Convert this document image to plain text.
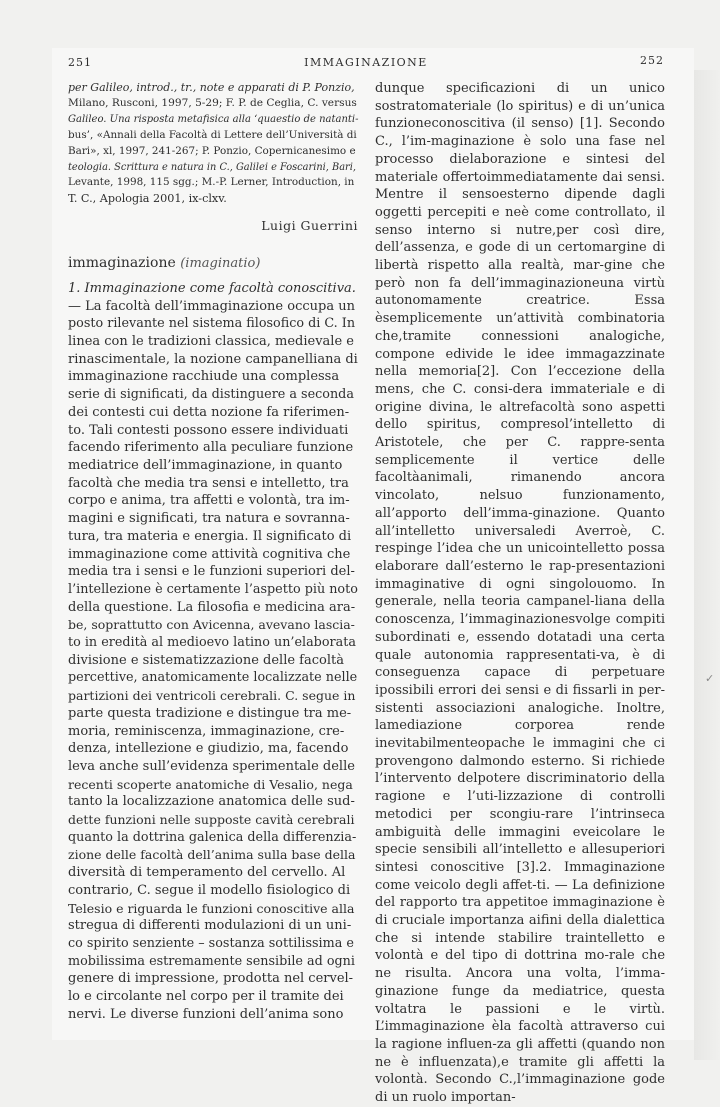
251	IMMAGINAZIONE	252
per Galileo, introd., tr., note e apparati di P. Ponzio,
Milano, Rusconi, 1997, 5-29; F. P. de Ceglia, C. versus
Galileo. Una risposta metafisica alla ‘quaestio de natanti-
bus’, «Annali della Facoltà di Lettere dell’Università di
Bari», xl, 1997, 241-267; P. Ponzio, Copernicanesimo e
teologia. Scrittura e natura in C., Galilei e Foscarini, Bari,
Levante, 1998, 115 sgg.; M.-P. Lerner, Introduction, in
T. C., Apologia 2001, ix-clxv.
Luigi Guerrini
immaginazione (imaginatio)
1. Immaginazione come facoltà conoscitiva.
— La facoltà dell’immaginazione occupa un
posto rilevante nel sistema filosofico di C. In
linea con le tradizioni classica, medievale e
rinascimentale, la nozione campanelliana di
immaginazione racchiude una complessa
serie di significati, da distinguere a seconda
dei contesti cui detta nozione fa riferimen-
to. Tali contesti possono essere individuati
facendo riferimento alla peculiare funzione
mediatrice dell’immaginazione, in quanto
facoltà che media tra sensi e intelletto, tra
corpo e anima, tra affetti e volontà, tra im-
magini e significati, tra natura e sovranna-
tura, tra materia e energia. Il significato di
immaginazione come attività cognitiva che
media tra i sensi e le funzioni superiori del-
l’intellezione è certamente l’aspetto più noto
della questione. La filosofia e medicina ara-
be, soprattutto con Avicenna, avevano lascia-
to in eredità al medioevo latino un’elaborata
divisione e sistematizzazione delle facoltà
percettive, anatomicamente localizzate nelle
partizioni dei ventricoli cerebrali. C. segue in
parte questa tradizione e distingue tra me-
moria, reminiscenza, immaginazione, cre-
denza, intellezione e giudizio, ma, facendo
leva anche sull’evidenza sperimentale delle
recenti scoperte anatomiche di Vesalio, nega
tanto la localizzazione anatomica delle sud-
dette funzioni nelle supposte cavità cerebrali
quanto la dottrina galenica della differenzia-
zione delle facoltà dell’anima sulla base della
diversità di temperamento del cervello. Al
contrario, C. segue il modello fisiologico di
Telesio e riguarda le funzioni conoscitive alla
stregua di differenti modulazioni di un uni-
co spirito senziente – sostanza sottilissima e
mobilissima estremamente sensibile ad ogni
genere di impressione, prodotta nel cervel-
lo e circolante nel corpo per il tramite dei
nervi. Le diverse funzioni dell’anima sono
dunque specificazioni di un unico sostratomateriale (lo spiritus) e di un’unica funzioneconoscitiva (il senso) [1]. Secondo C., l’im-maginazione è solo una fase nel processo dielaborazione e sintesi del materiale offertoimmediatamente dai sensi. Mentre il sensoesterno dipende dagli oggetti percepiti e neè come controllato, il senso interno si nutre,per così dire, dell’assenza, e gode di un certomargine di libertà rispetto alla realtà, mar-gine che però non fa dell’immaginazioneuna virtù autonomamente creatrice. Essa èsemplicemente un’attività combinatoria che,tramite connessioni analogiche, compone edivide le idee immagazzinate nella memoria[2]. Con l’eccezione della mens, che C. consi-dera immateriale e di origine divina, le altrefacoltà sono aspetti dello spiritus, compresol’intelletto di Aristotele, che per C. rappre-senta semplicemente il vertice delle facoltàanimali, rimanendo ancora vincolato, nelsuo funzionamento, all’apporto dell’imma-ginazione. Quanto all’intelletto universaledi Averroè, C. respinge l’idea che un unicointelletto possa elaborare dall’esterno le rap-presentazioni immaginative di ogni singolouomo. In generale, nella teoria campanel-liana della conoscenza, l’immaginazionesvolge compiti subordinati e, essendo dotatadi una certa quale autonomia rappresentati-va, è di conseguenza capace di perpetuare ipossibili errori dei sensi e di fissarli in per-sistenti associazioni analogiche. Inoltre, lamediazione corporea rende inevitabilmenteopache le immagini che ci provengono dalmondo esterno. Si richiede l’intervento delpotere discriminatorio della ragione e l’uti-lizzazione di controlli metodici per scongiu-rare l’intrinseca ambiguità delle immagini eveicolare le specie sensibili all’intelletto e allesuperiori sintesi conoscitive [3].2. Immaginazione come veicolo degli affet-ti. — La definizione del rapporto tra appetitoe immaginazione è di cruciale importanza aifini della dialettica che si intende stabilire traintelletto e volontà e del tipo di dottrina mo-rale che ne risulta. Ancora una volta, l’imma-ginazione funge da mediatrice, questa voltatra le passioni e le virtù. L’immaginazione èla facoltà attraverso cui la ragione influen-za gli affetti (quando non ne è influenzata),e tramite gli affetti la volontà. Secondo C.,l’immaginazione gode di un ruolo importan-
✓
